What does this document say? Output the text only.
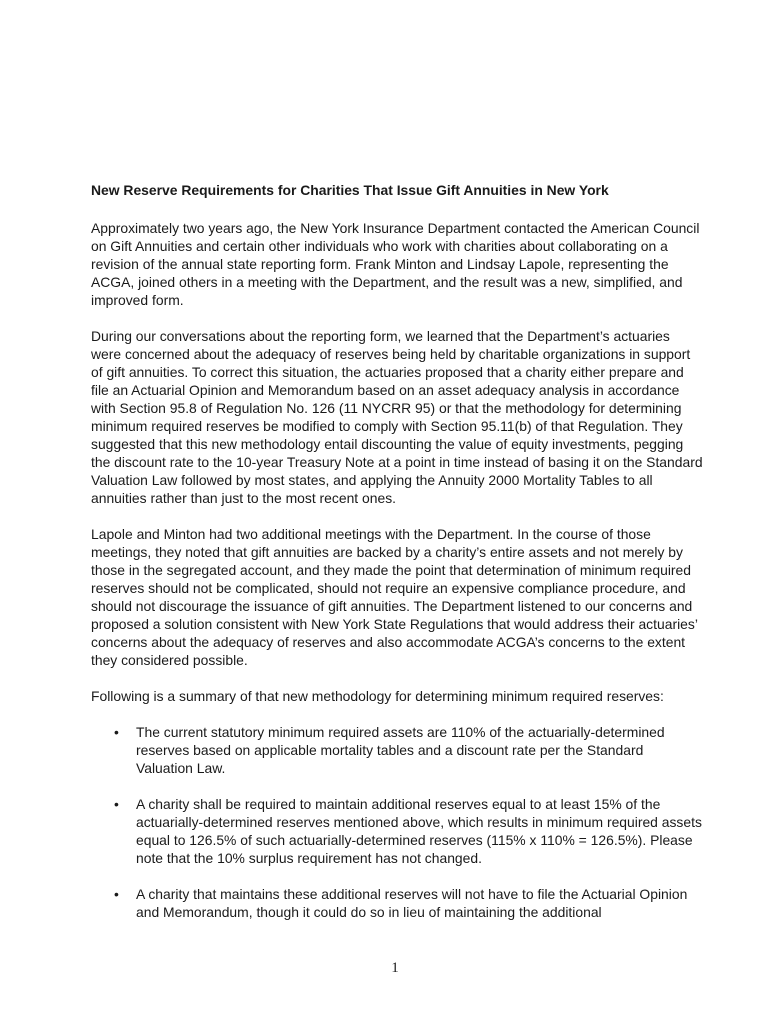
New Reserve Requirements for Charities That Issue Gift Annuities in New York

Approximately two years ago, the New York Insurance Department contacted the American Council on Gift Annuities and certain other individuals who work with charities about collaborating on a revision of the annual state reporting form. Frank Minton and Lindsay Lapole, representing the ACGA, joined others in a meeting with the Department, and the result was a new, simplified, and improved form.

During our conversations about the reporting form, we learned that the Department’s actuaries were concerned about the adequacy of reserves being held by charitable organizations in support of gift annuities. To correct this situation, the actuaries proposed that a charity either prepare and file an Actuarial Opinion and Memorandum based on an asset adequacy analysis in accordance with Section 95.8 of Regulation No. 126 (11 NYCRR 95) or that the methodology for determining minimum required reserves be modified to comply with Section 95.11(b) of that Regulation. They suggested that this new methodology entail discounting the value of equity investments, pegging the discount rate to the 10-year Treasury Note at a point in time instead of basing it on the Standard Valuation Law followed by most states, and applying the Annuity 2000 Mortality Tables to all annuities rather than just to the most recent ones.

Lapole and Minton had two additional meetings with the Department. In the course of those meetings, they noted that gift annuities are backed by a charity’s entire assets and not merely by those in the segregated account, and they made the point that determination of minimum required reserves should not be complicated, should not require an expensive compliance procedure, and should not discourage the issuance of gift annuities. The Department listened to our concerns and proposed a solution consistent with New York State Regulations that would address their actuaries’ concerns about the adequacy of reserves and also accommodate ACGA’s concerns to the extent they considered possible.

Following is a summary of that new methodology for determining minimum required reserves:

• The current statutory minimum required assets are 110% of the actuarially-determined reserves based on applicable mortality tables and a discount rate per the Standard Valuation Law.
• A charity shall be required to maintain additional reserves equal to at least 15% of the actuarially-determined reserves mentioned above, which results in minimum required assets equal to 126.5% of such actuarially-determined reserves (115% x 110% = 126.5%). Please note that the 10% surplus requirement has not changed.
• A charity that maintains these additional reserves will not have to file the Actuarial Opinion and Memorandum, though it could do so in lieu of maintaining the additional
1
